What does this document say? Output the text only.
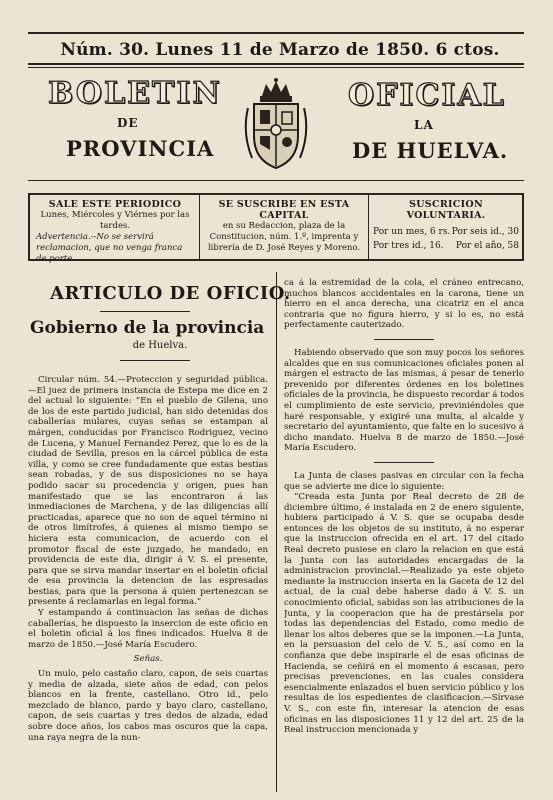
Núm. 30. Lunes 11 de Marzo de 1850. 6 ctos.
BOLETIN
DE
PROVINCIA
OFICIAL
LA
DE HUELVA.
SALE ESTE PERIODICO
Lunes, Miércoles y Viérnes por las tardes.
Advertencia.--No se servirá reclamacion, que no venga franca de porte.
SE SUSCRIBE EN ESTA CAPITAL
en su Redaccion, plaza de la Constitucion, núm. 1.º, imprenta y librería de D. José Reyes y Moreno.
SUSCRICION VOLUNTARIA.
Por un mes, 6 rs. Por seis id., 30
Por tres id., 16. Por el año, 58
ARTICULO DE OFICIO.
Gobierno de la provincia
de Huelva.

Circular núm. 54.—Proteccion y seguridad pública.—El juez de primera instancia de Estepa me dice en 2 del actual lo siguiente: “En el pueblo de Gilena, uno de los de este partido judicial, han sido detenidas dos caballerías mulares, cuyas señas se estampan al márgen, conducidas por Francisco Rodriguez, vecino de Lucena, y Manuel Fernandez Perez, que lo es de la ciudad de Sevilla, presos en la cárcel pública de esta villa, y como se cree fundadamente que estas bestias sean robadas, y de sus disposiciones no se haya podido sacar su procedencia y origen, pues han manifestado que se las encontraron á las inmediaciones de Marchena, y de las diligencias allí practicadas, aparece que no son de aquel término ni de otros limítrofes, á quienes al mismo tiempo se hiciera esta comunicacion, de acuerdo con el promotor fiscal de este juzgado, he mandado, en providencia de este dia, dirigir á V. S. el presente, para que se sirva mandar insertar en el boletin oficial de esa provincia la detencion de las espresadas bestias, para que la persona á quien pertenezcan se presente á reclamarlas en legal forma.”

Y estampando á continuacion las señas de dichas caballerías, he dispuesto la insercion de este oficio en el boletin oficial á los fines indicados. Huelva 8 de marzo de 1850.—José María Escudero.

Señas.

Un mulo, pelo castaño claro, capon, de seis cuartas y media de alzada, siete años de edad, con pelos blancos en la frente, castellano. Otro id., pelo mezclado de blanco, pardo y bayo claro, castellano, capon, de seis cuartas y tres dedos de alzada, edad sobre doce años, los cabos mas oscuros que la capa, una raya negra de la nun-

ca á la estremidad de la cola, el cráneo entrecano, muchos blancos accidentales en la carona, tiene un hierro en el anca derecha, una cicatriz en el anca contraria que no figura hierro, y si lo es, no está perfectamente cauterizado.

Habiendo observado que son muy pocos los señores alcaldes que en sus comunicaciones oficiales ponen al márgen el estracto de las mismas, á pesar de tenerlo prevenido por diferentes órdenes en los boletines oficiales de la provincia, he dispuesto recordar á todos el cumplimiento de este servicio, previniéndoles que haré responsable, y exigiré una multa, al alcalde y secretario del ayuntamiento, que falte en lo sucesivo á dicho mandato. Huelva 8 de marzo de 1850.—José María Escudero.

La Junta de clases pasivas en circular con la fecha que se advierte me dice lo siguiente:

“Creada esta Junta por Real decreto de 28 de diciembre último, é instalada en 2 de enero siguiente, hubiera participado á V. S. que se ocupaba desde entonces de los objetos de su instituto, á no esperar que la instruccion ofrecida en el art. 17 del citado Real decreto pusiese en claro la relacion en que está la Junta con las autoridades encargadas de la administracion provincial.—Realizado ya este objeto mediante la instruccion inserta en la Gaceta de 12 del actual, de la cual debe haberse dado á V. S. un conocimiento oficial, sabidas son las atribuciones de la Junta, y la cooperacion que ha de prestársela por todas las dependencias del Estado, como medio de llenar los altos deberes que se la imponen.—La Junta, en la persuasion del celo de V. S., así como en la confianza que debe inspirarle el de esas oficinas de Hacienda, se ceñirá en el momento á escasas, pero precisas prevenciones, en las cuales considera esencialmente enlazados el buen servicio público y los resultas de los espedientes de clasificacion.—Sírvase V. S., con este fin, interesar la atencion de esas oficinas en las disposiciones 11 y 12 del art. 25 de la Real instruccion mencionada y
